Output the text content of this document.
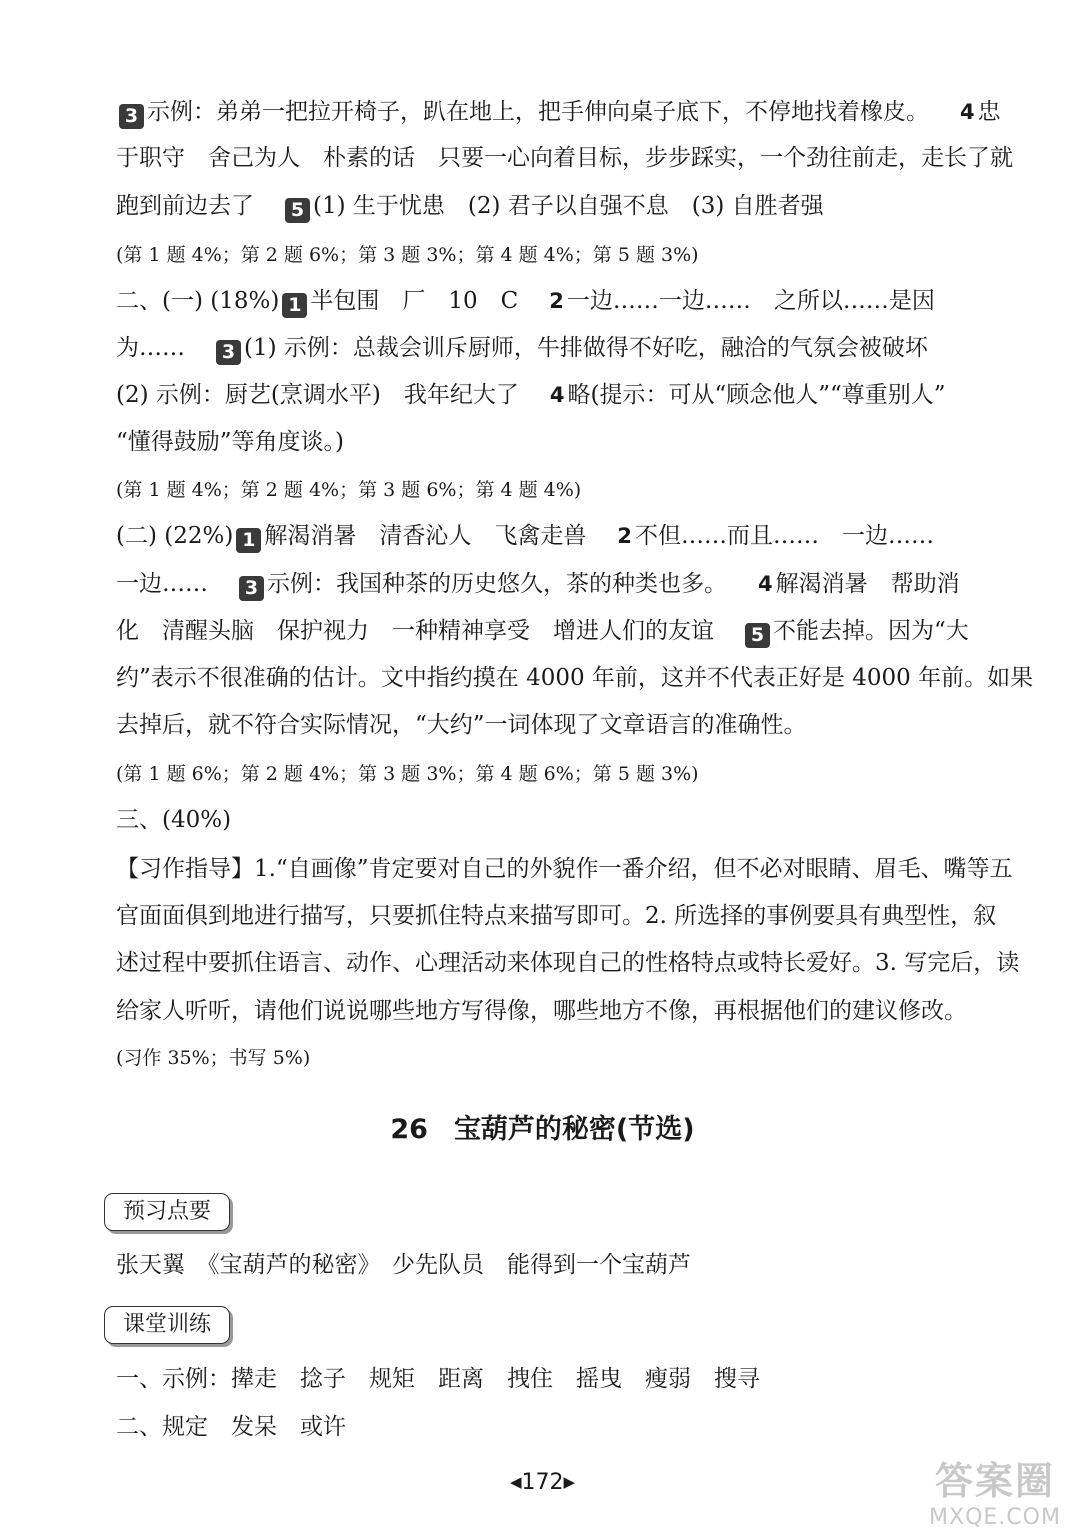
3 示例：弟弟一把拉开椅子，趴在地上，把手伸向桌子底下，不停地找着橡皮。 4 忠

于职守　舍己为人　朴素的话　只要一心向着目标，步步踩实，一个劲往前走，走长了就

跑到前边去了 5 (1) 生于忧患　(2) 君子以自强不息　(3) 自胜者强

(第 1 题 4%；第 2 题 6%；第 3 题 3%；第 4 题 4%；第 5 题 3%)

二、(一) (18%) 1 半包围　厂　10　C 2 一边……一边……　之所以……是因

为…… 3 (1) 示例：总裁会训斥厨师，牛排做得不好吃，融洽的气氛会被破坏

(2) 示例：厨艺(烹调水平)　我年纪大了 4 略(提示：可从“顾念他人”“尊重别人”

“懂得鼓励”等角度谈。)

(第 1 题 4%；第 2 题 4%；第 3 题 6%；第 4 题 4%)

(二) (22%) 1 解渴消暑　清香沁人　飞禽走兽 2 不但……而且……　一边……

一边…… 3 示例：我国种茶的历史悠久，茶的种类也多。 4 解渴消暑　帮助消

化　清醒头脑　保护视力　一种精神享受　增进人们的友谊 5 不能去掉。因为“大

约”表示不很准确的估计。文中指约摸在 4000 年前，这并不代表正好是 4000 年前。如果

去掉后，就不符合实际情况，“大约”一词体现了文章语言的准确性。

(第 1 题 6%；第 2 题 4%；第 3 题 3%；第 4 题 6%；第 5 题 3%)

三、(40%)

【习作指导】1.“自画像”肯定要对自己的外貌作一番介绍，但不必对眼睛、眉毛、嘴等五

官面面俱到地进行描写，只要抓住特点来描写即可。2. 所选择的事例要具有典型性，叙

述过程中要抓住语言、动作、心理活动来体现自己的性格特点或特长爱好。3. 写完后，读

给家人听听，请他们说说哪些地方写得像，哪些地方不像，再根据他们的建议修改。

(习作 35%；书写 5%)

26 宝葫芦的秘密(节选)
预习点要

张天翼　《宝葫芦的秘密》　少先队员　能得到一个宝葫芦

课堂训练

一、示例：撵走　捻子　规矩　距离　拽住　摇曳　瘦弱　搜寻

二、规定　发呆　或许

◀172▶	答案圈
MXQE.COM
